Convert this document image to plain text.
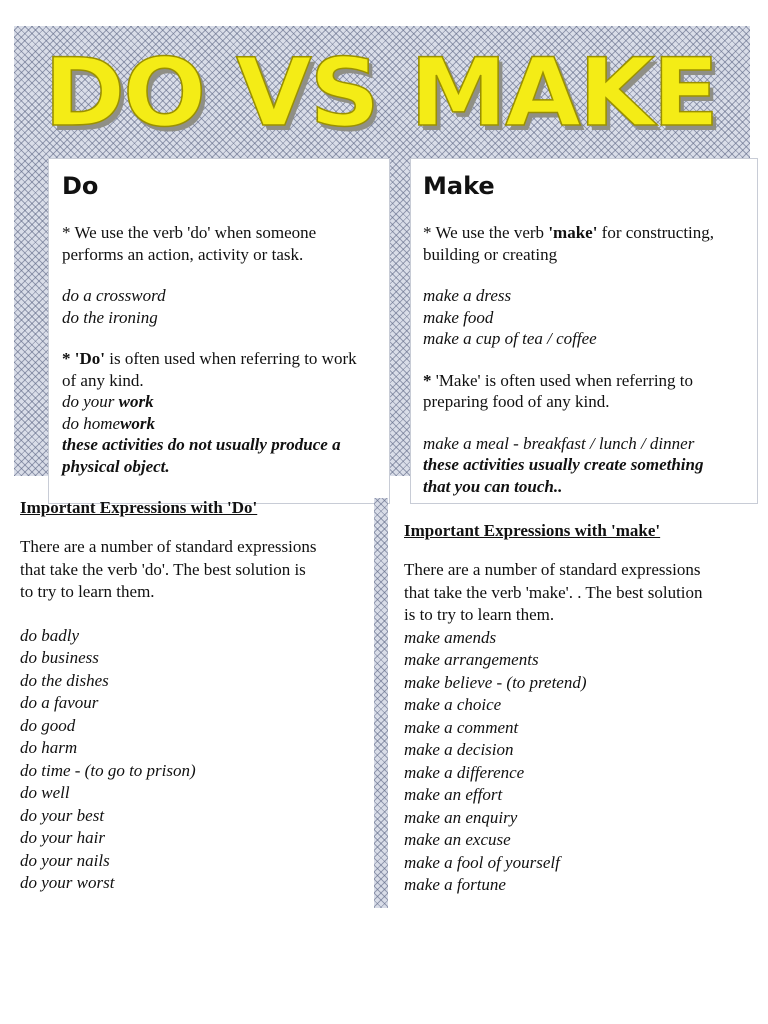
DO VS MAKE
Do

* We use the verb 'do' when someone

performs an action, activity or task.

do a crossword

do the ironing

* 'Do' is often used when referring to work

of any kind.

do your work

do homework

these activities do not usually produce a

physical object.

Make

* We use the verb 'make' for constructing,

building or creating

make a dress

make food

make a cup of tea / coffee

* 'Make' is often used when referring to

preparing food of any kind.

make a meal - breakfast / lunch / dinner

these activities usually create something

that you can touch..

Important Expressions with 'Do'

There are a number of standard expressions

that take the verb 'do'. The best solution is

to try to learn them.

do badly

do business

do the dishes

do a favour

do good

do harm

do time - (to go to prison)

do well

do your best

do your hair

do your nails

do your worst

Important Expressions with 'make'

There are a number of standard expressions

that take the verb 'make'. . The best solution

is to try to learn them.

make amends

make arrangements

make believe - (to pretend)

make a choice

make a comment

make a decision

make a difference

make an effort

make an enquiry

make an excuse

make a fool of yourself

make a fortune
